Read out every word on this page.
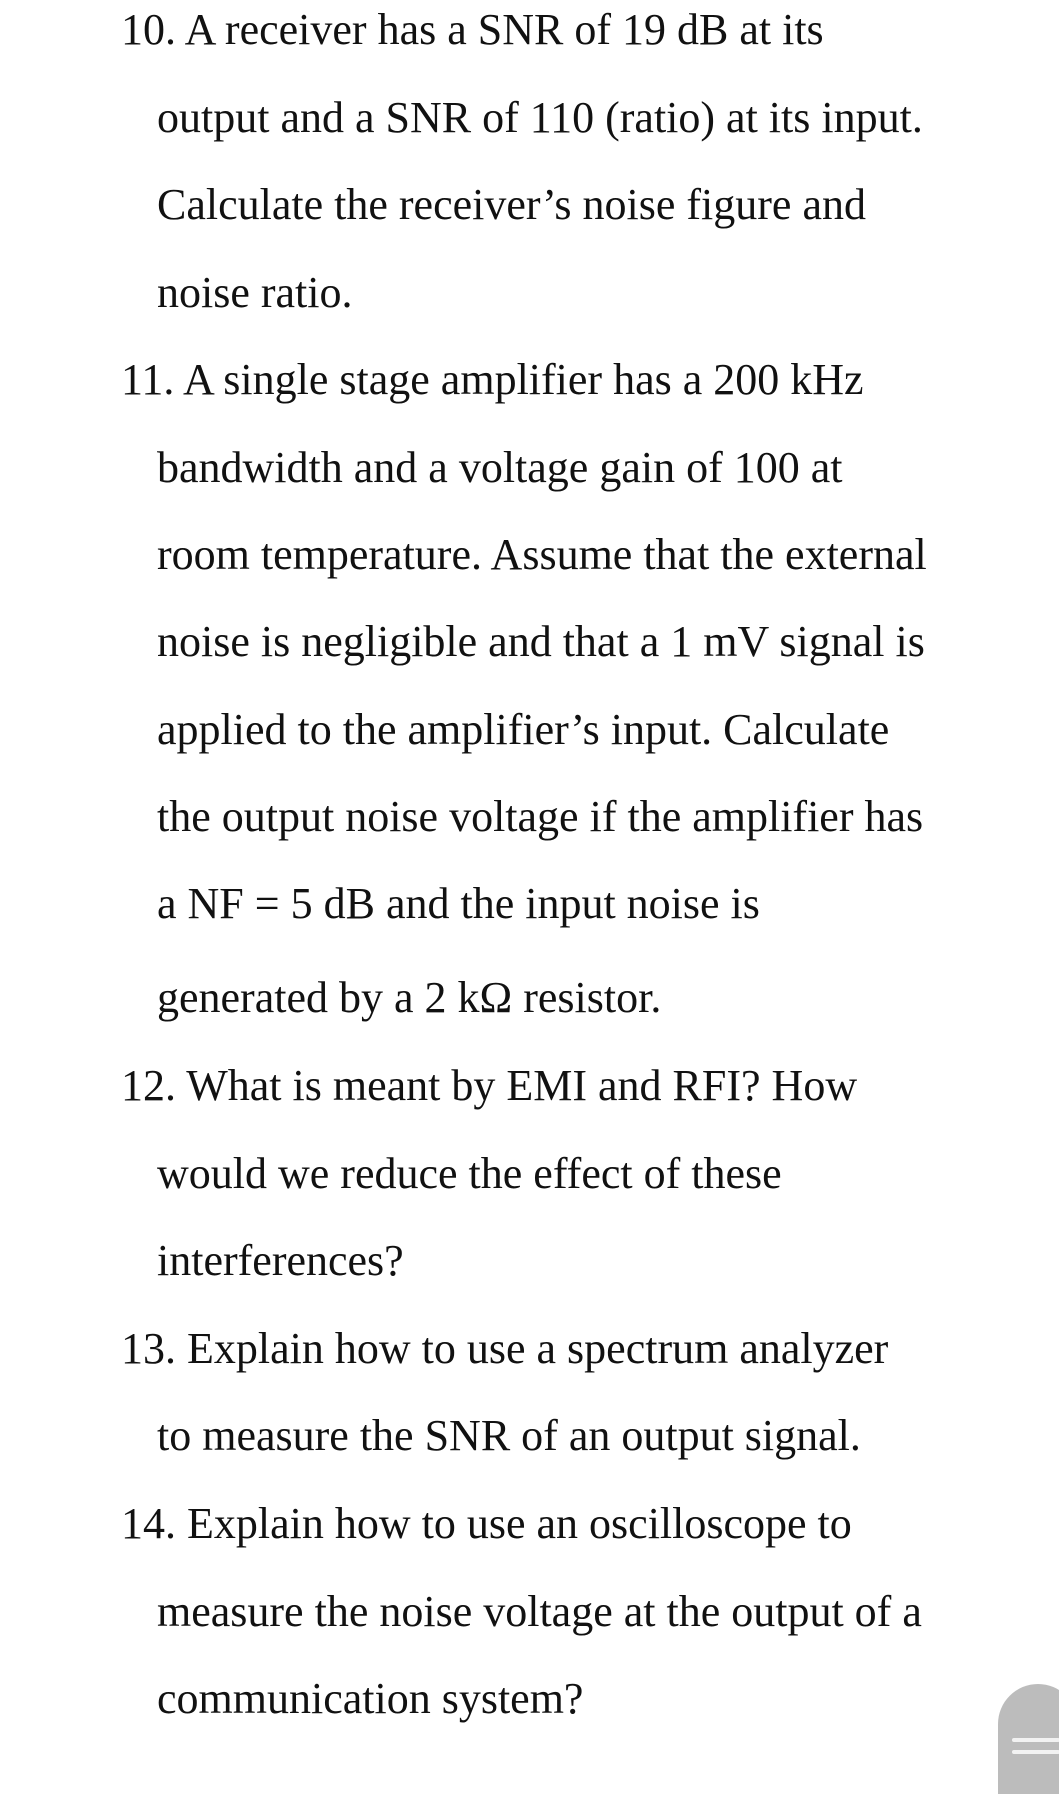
10. A receiver has a SNR of 19 dB at its
output and a SNR of 110 (ratio) at its input.
Calculate the receiver’s noise figure and
noise ratio.
11. A single stage amplifier has a 200 kHz
bandwidth and a voltage gain of 100 at
room temperature. Assume that the external
noise is negligible and that a 1 mV signal is
applied to the amplifier’s input. Calculate
the output noise voltage if the amplifier has
a NF = 5 dB and the input noise is
generated by a 2 kΩ resistor.
12. What is meant by EMI and RFI? How
would we reduce the effect of these
interferences?
13. Explain how to use a spectrum analyzer
to measure the SNR of an output signal.
14. Explain how to use an oscilloscope to
measure the noise voltage at the output of a
communication system?
